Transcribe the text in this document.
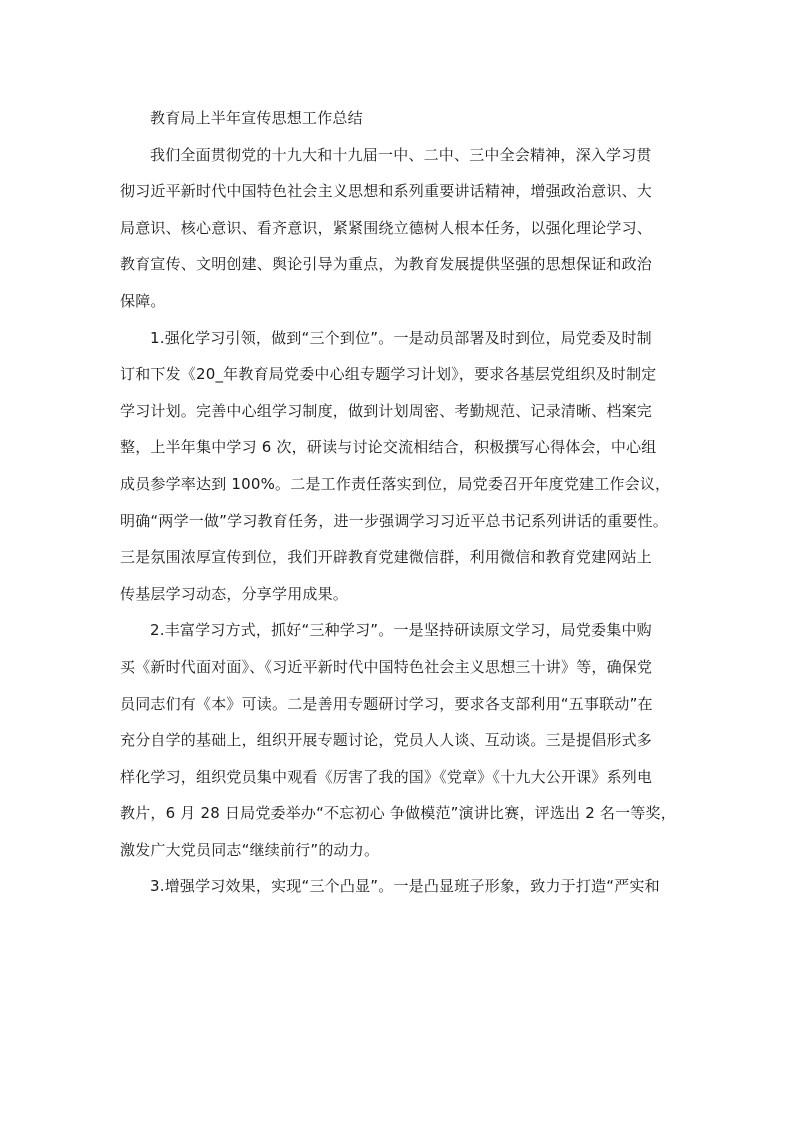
教育局上半年宣传思想工作总结
我们全面贯彻党的十九大和十九届一中、二中、三中全会精神，深入学习贯
彻习近平新时代中国特色社会主义思想和系列重要讲话精神，增强政治意识、大
局意识、核心意识、看齐意识，紧紧围绕立德树人根本任务，以强化理论学习、
教育宣传、文明创建、舆论引导为重点，为教育发展提供坚强的思想保证和政治
保障。
1.强化学习引领，做到“三个到位”。一是动员部署及时到位，局党委及时制
订和下发《20_年教育局党委中心组专题学习计划》，要求各基层党组织及时制定
学习计划。完善中心组学习制度，做到计划周密、考勤规范、记录清晰、档案完
整，上半年集中学习 6 次，研读与讨论交流相结合，积极撰写心得体会，中心组
成员参学率达到 100%。二是工作责任落实到位，局党委召开年度党建工作会议，
明确“两学一做”学习教育任务，进一步强调学习习近平总书记系列讲话的重要性。
三是氛围浓厚宣传到位，我们开辟教育党建微信群，利用微信和教育党建网站上
传基层学习动态，分享学用成果。
2.丰富学习方式，抓好“三种学习”。一是坚持研读原文学习，局党委集中购
买《新时代面对面》、《习近平新时代中国特色社会主义思想三十讲》等，确保党
员同志们有《本》可读。二是善用专题研讨学习，要求各支部利用“五事联动”在
充分自学的基础上，组织开展专题讨论，党员人人谈、互动谈。三是提倡形式多
样化学习，组织党员集中观看《厉害了我的国》《党章》《十九大公开课》系列电
教片，6 月 28 日局党委举办“不忘初心 争做模范”演讲比赛，评选出 2 名一等奖，
激发广大党员同志“继续前行”的动力。
3.增强学习效果，实现“三个凸显”。一是凸显班子形象，致力于打造“严实和
